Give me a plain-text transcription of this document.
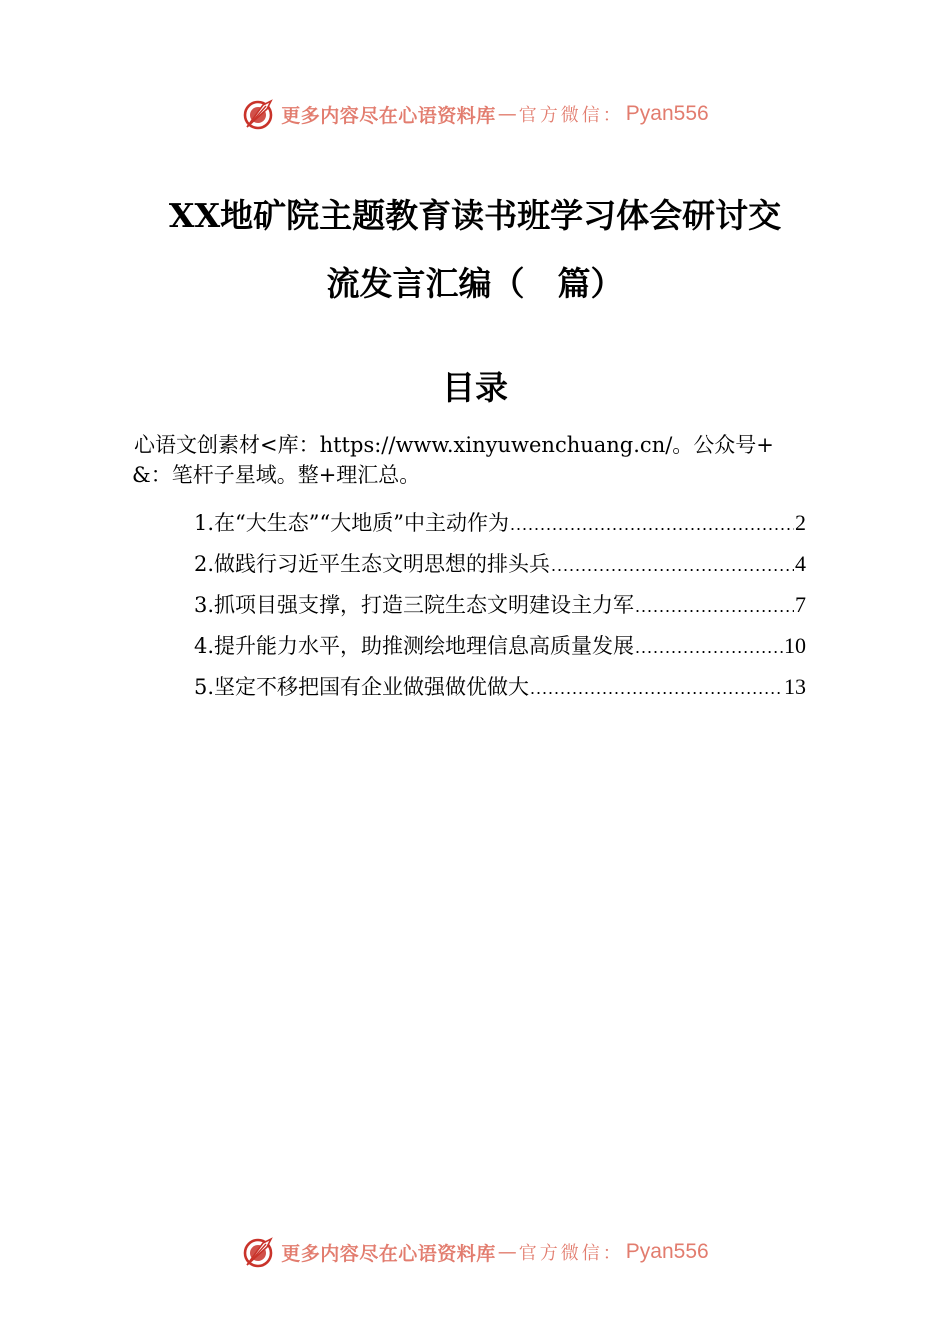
更多内容尽在心语资料库 — 官方微信： Pyan556
XX地矿院主题教育读书班学习体会研讨交
流发言汇编（　篇）
目录
心语文创素材<库：https://www.xinyuwenchuang.cn/。公众号+
&：笔杆子星域。整+理汇总。
1.在“大生态”“大地质”中主动作为 .....	2
2.做践行习近平生态文明思想的排头兵 .....	4
3.抓项目强支撑，打造三院生态文明建设主力军 .....	7
4.提升能力水平，助推测绘地理信息高质量发展 .....	10
5.坚定不移把国有企业做强做优做大 .....	13
更多内容尽在心语资料库 — 官方微信： Pyan556
